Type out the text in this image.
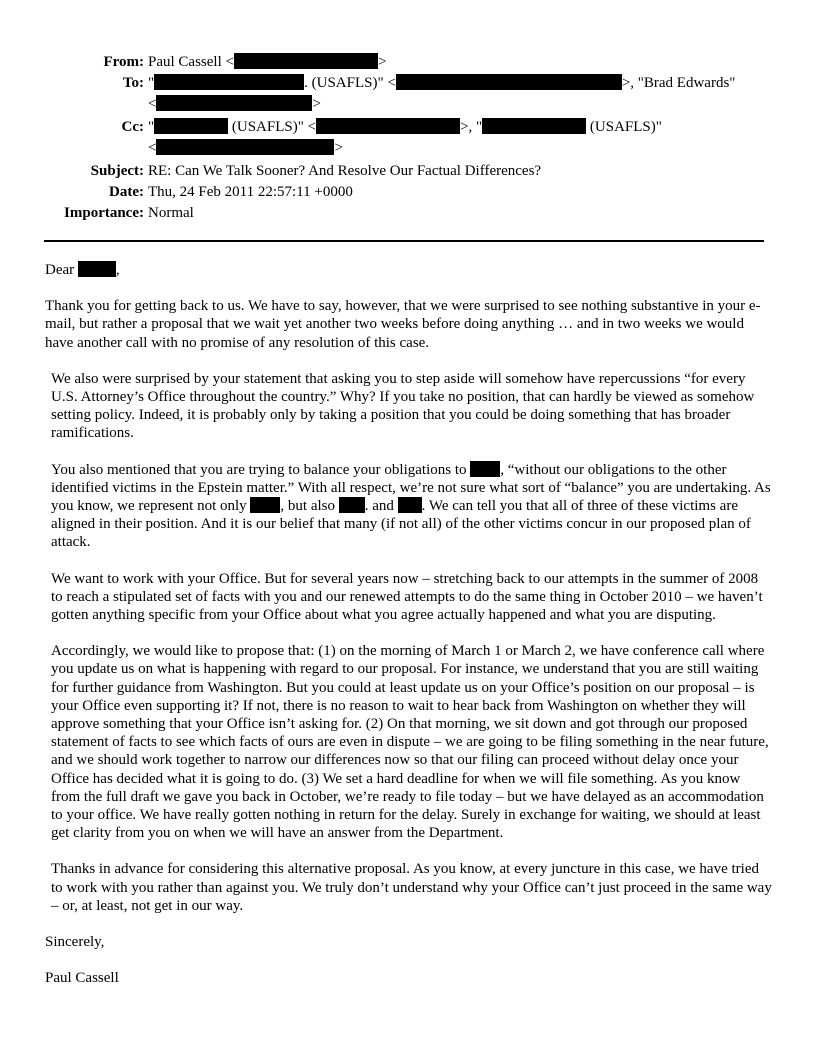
From: Paul Cassell <	>
To: "	. (USAFLS)" <	>, "Brad Edwards"
<	>
Cc: "	(USAFLS)" <	>, "	(USAFLS)"
<	>
Subject: RE: Can We Talk Sooner? And Resolve Our Factual Differences?
Date: Thu, 24 Feb 2011 22:57:11 +0000
Importance: Normal

Dear	,

Thank you for getting back to us. We have to say, however, that we were surprised to see nothing substantive in your e-mail, but rather a proposal that we wait yet another two weeks before doing anything … and in two weeks we would have another call with no promise of any resolution of this case.

We also were surprised by your statement that asking you to step aside will somehow have repercussions “for every U.S. Attorney’s Office throughout the country.” Why? If you take no position, that can hardly be viewed as somehow setting policy. Indeed, it is probably only by taking a position that you could be doing something that has broader ramifications.

You also mentioned that you are trying to balance your obligations to , “without our obligations to the other identified victims in the Epstein matter.” With all respect, we’re not sure what sort of “balance” you are undertaking. As you know, we represent not only , but also . and . We can tell you that all of three of these victims are aligned in their position. And it is our belief that many (if not all) of the other victims concur in our proposed plan of attack.

We want to work with your Office. But for several years now – stretching back to our attempts in the summer of 2008 to reach a stipulated set of facts with you and our renewed attempts to do the same thing in October 2010 – we haven’t gotten anything specific from your Office about what you agree actually happened and what you are disputing.

Accordingly, we would like to propose that: (1) on the morning of March 1 or March 2, we have conference call where you update us on what is happening with regard to our proposal. For instance, we understand that you are still waiting for further guidance from Washington. But you could at least update us on your Office’s position on our proposal – is your Office even supporting it? If not, there is no reason to wait to hear back from Washington on whether they will approve something that your Office isn’t asking for. (2) On that morning, we sit down and got through our proposed statement of facts to see which facts of ours are even in dispute – we are going to be filing something in the near future, and we should work together to narrow our differences now so that our filing can proceed without delay once your Office has decided what it is going to do. (3) We set a hard deadline for when we will file something. As you know from the full draft we gave you back in October, we’re ready to file today – but we have delayed as an accommodation to your office. We have really gotten nothing in return for the delay. Surely in exchange for waiting, we should at least get clarity from you on when we will have an answer from the Department.

Thanks in advance for considering this alternative proposal. As you know, at every juncture in this case, we have tried to work with you rather than against you. We truly don’t understand why your Office can’t just proceed in the same way – or, at least, not get in our way.

Sincerely,

Paul Cassell
